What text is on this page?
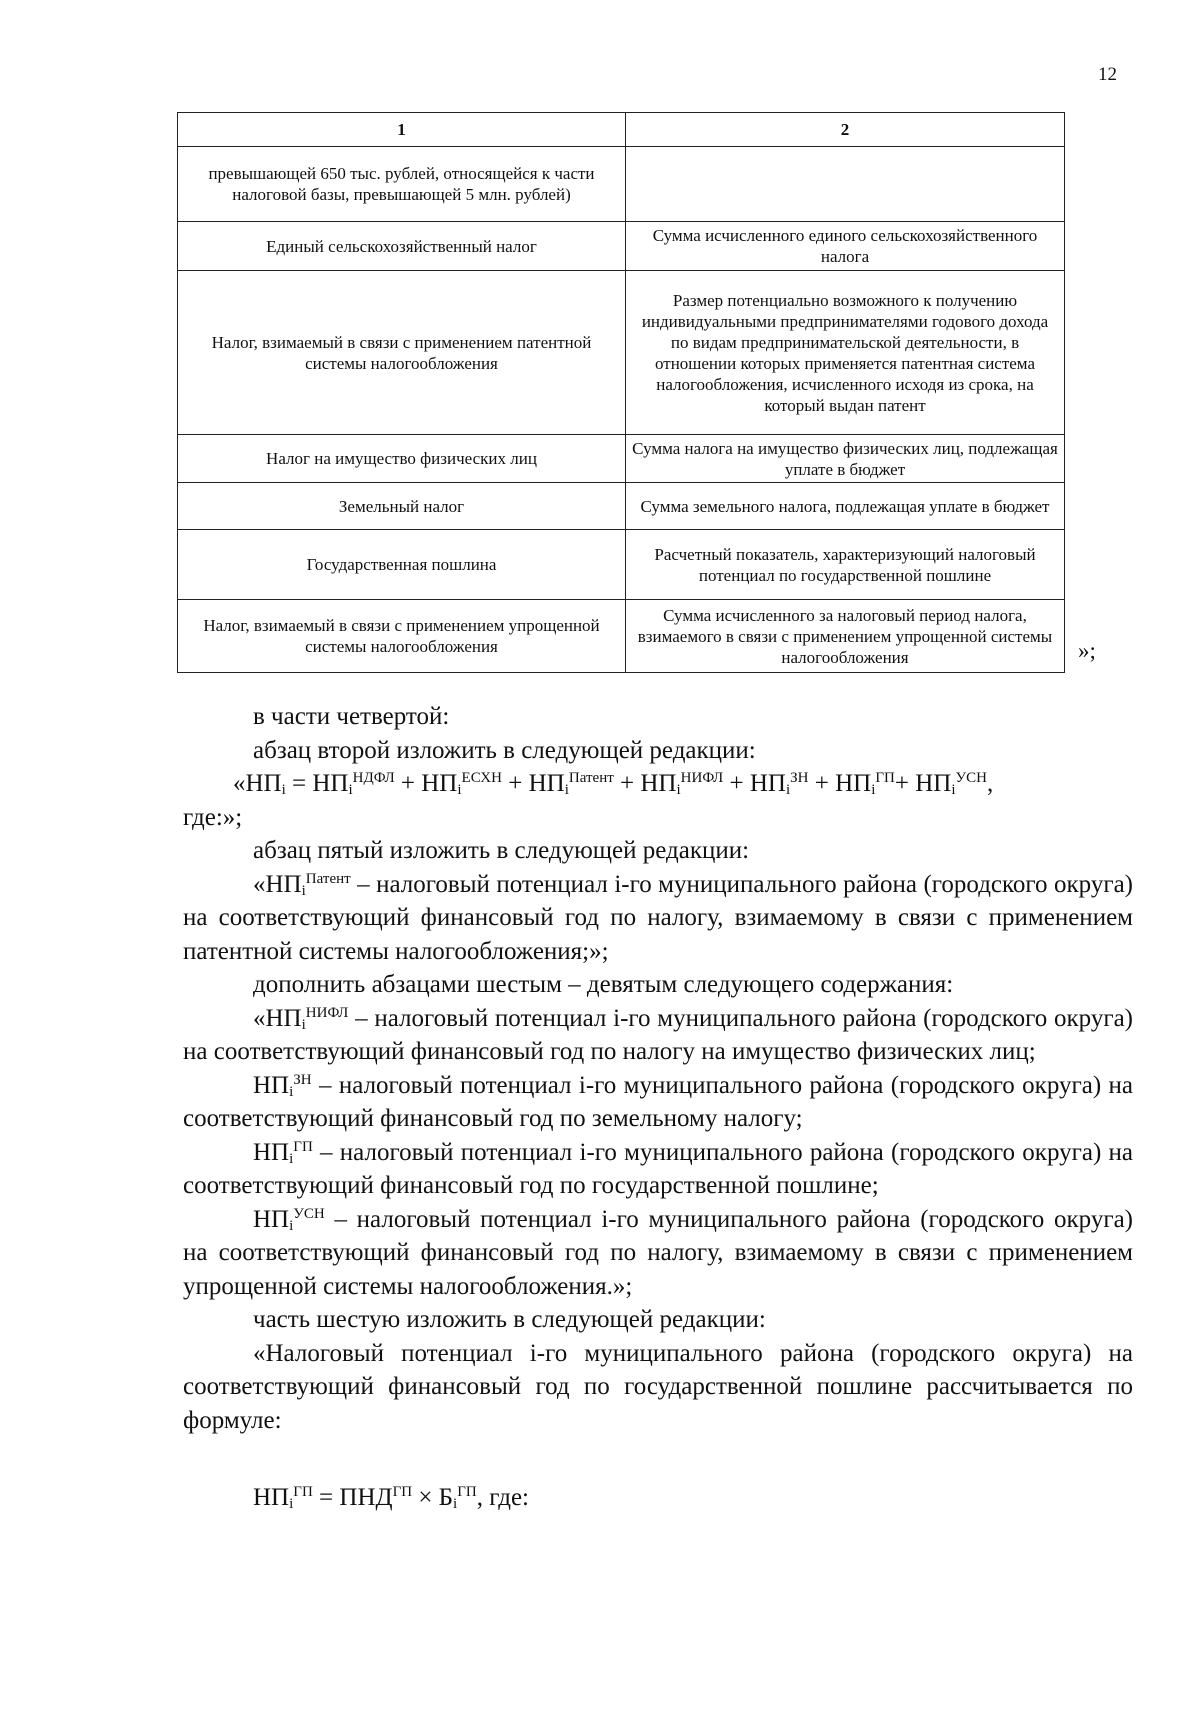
12
1	2
превышающей 650 тыс. рублей, относящейся к части налоговой базы, превышающей 5 млн. рублей)	
Единый сельскохозяйственный налог	Сумма исчисленного единого сельскохозяйственного налога
Налог, взимаемый в связи с применением патентной системы налогообложения	Размер потенциально возможного к получению индивидуальными предпринимателями годового дохода по видам предпринимательской деятельности, в отношении которых применяется патентная система налогообложения, исчисленного исходя из срока, на который выдан патент
Налог на имущество физических лиц	Сумма налога на имущество физических лиц, подлежащая уплате в бюджет
Земельный налог	Сумма земельного налога, подлежащая уплате в бюджет
Государственная пошлина	Расчетный показатель, характеризующий налоговый потенциал по государственной пошлине
Налог, взимаемый в связи с применением упрощенной системы налогообложения	Сумма исчисленного за налоговый период налога, взимаемого в связи с применением упрощенной системы налогообложения	»;

в части четвертой:

абзац второй изложить в следующей редакции:

«$НП_i = НП_i^{НДФЛ} + НП_i^{ЕСХН} + НП_i^{Патент} + НП_i^{НИФЛ} + НП_i^{ЗН} + НП_i^{ГП}+ НП_i^{УСН}$,

где:»;

абзац пятый изложить в следующей редакции:

«$НП_i^{Патент}$ – налоговый потенциал i-го муниципального района (городского округа) на соответствующий финансовый год по налогу, взимаемому в связи с применением патентной системы налогообложения;»;

дополнить абзацами шестым – девятым следующего содержания:

«$НП_i^{НИФЛ}$ – налоговый потенциал i-го муниципального района (городского округа) на соответствующий финансовый год по налогу на имущество физических лиц;

$НП_i^{ЗН}$ – налоговый потенциал i-го муниципального района (городского округа) на соответствующий финансовый год по земельному налогу;

$НП_i^{ГП}$ – налоговый потенциал i-го муниципального района (городского округа) на соответствующий финансовый год по государственной пошлине;

$НП_i^{УСН}$ – налоговый потенциал i-го муниципального района (городского округа) на соответствующий финансовый год по налогу, взимаемому в связи с применением упрощенной системы налогообложения.»;

часть шестую изложить в следующей редакции:

«Налоговый потенциал i-го муниципального района (городского округа) на соответствующий финансовый год по государственной пошлине рассчитывается по формуле:

$НП_i^{ГП} = ПНД^{ГП} \times Б_i^{ГП}$, где:
